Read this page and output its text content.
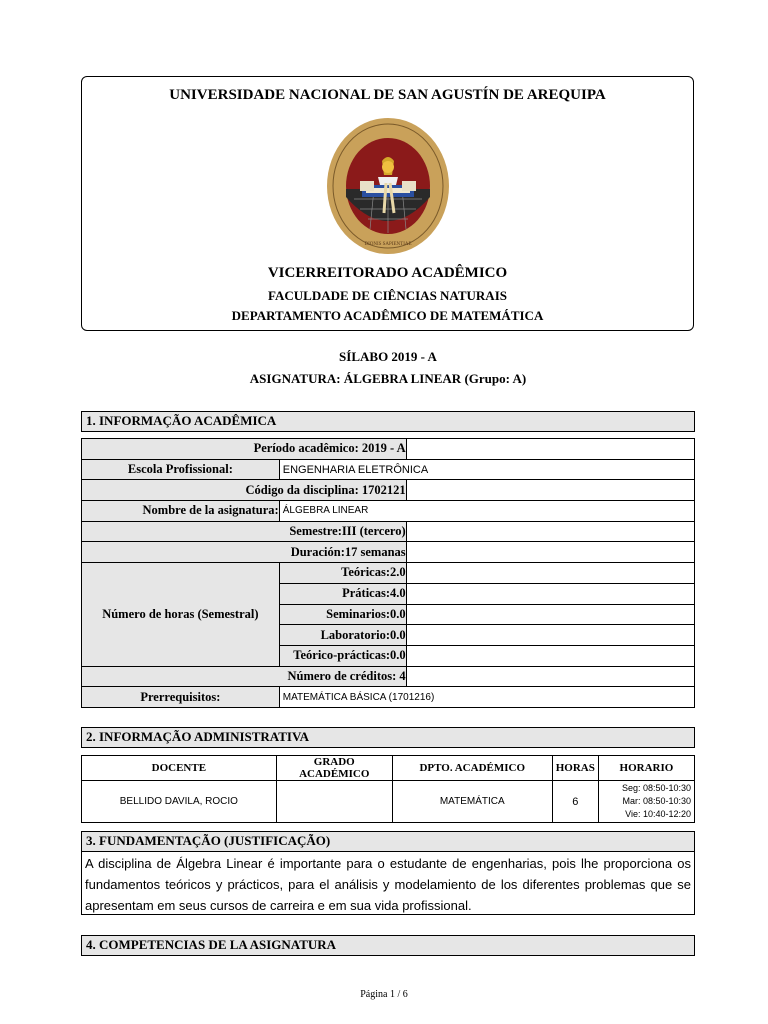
UNIVERSIDADE NACIONAL DE SAN AGUSTÍN DE AREQUIPA
VICERREITORADO ACADÊMICO
FACULDADE DE CIÊNCIAS NATURAIS
DEPARTAMENTO ACADÊMICO DE MATEMÁTICA
DIONIS SAPIENTIAE
SÍLABO 2019 - A
ASIGNATURA: ÁLGEBRA LINEAR (Grupo: A)
1. INFORMAÇÃO ACADÊMICA
Período acadêmico: 2019 - A		
Escola Profissional:	ENGENHARIA ELETRÔNICA	
Código da disciplina: 1702121		
Nombre de la asignatura:	ÁLGEBRA LINEAR	
Semestre:III (tercero)		
Duración:17 semanas		
Número de horas (Semestral)	Teóricas:2.0	
	Práticas:4.0	
	Seminarios:0.0	
	Laboratorio:0.0	
	Teórico-prácticas:0.0	
Número de créditos: 4		
Prerrequisitos:	MATEMÁTICA BÁSICA (1701216)	
2. INFORMAÇÃO ADMINISTRATIVA
DOCENTE	GRADO ACADÉMICO	DPTO. ACADÉMICO	HORAS	HORARIO
BELLIDO DAVILA, ROCIO		MATEMÁTICA	6	Seg: 08:50-10:30
Mar: 08:50-10:30
Vie: 10:40-12:20
3. FUNDAMENTAÇÃO (JUSTIFICAÇÃO)
A disciplina de Álgebra Linear é importante para o estudante de engenharias, pois lhe proporciona os fundamentos teóricos y prácticos, para el análisis y modelamiento de los diferentes problemas que se apresentam em seus cursos de carreira e em sua vida profissional.
4. COMPETENCIAS DE LA ASIGNATURA
Página 1 / 6
